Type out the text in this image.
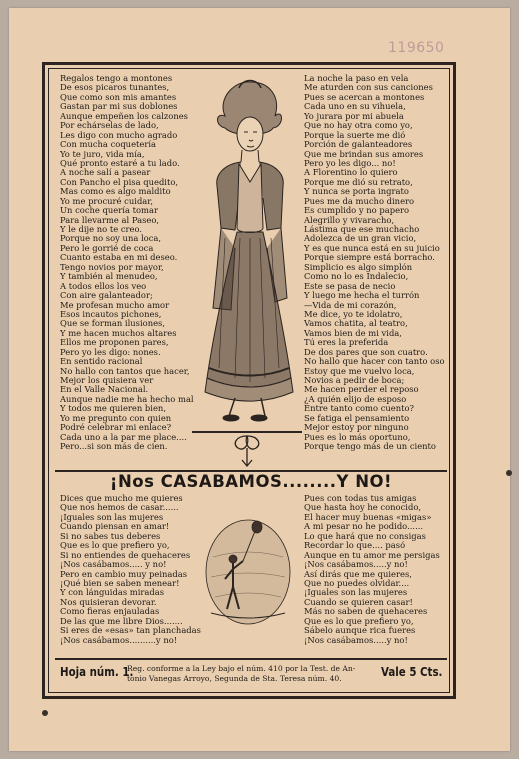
119650
Regalos tengo a montones
De esos picaros tunantes,
Que como son mis amantes
Gastan par mi sus doblones
Aunque empeñen los calzones
Por echárselas de lado,
Les digo con mucho agrado
Con mucha coquetería
Yo te juro, vida mía,
Qué pronto estaré a tu lado.
A noche salí a pasear
Con Pancho el pisa quedito,
Mas como es algo maldito
Yo me procuré cuidar,
Un coche quería tomar
Para llevarme al Paseo,
Y le dije no te creo.
Porque no soy una loca,
Pero le gorrié de coca
Cuanto estaba en mi deseo.
Tengo novios por mayor,
Y también al menudeo,
A todos ellos los veo
Con aire galanteador;
Me profesan mucho amor
Esos incautos pichones,
Que se forman ilusiones,
Y me hacen muchos altares
Ellos me proponen pares,
Pero yo les digo: nones.
En sentido racional
No hallo con tantos que hacer,
Mejor los quisiera ver
En el Valle Nacional.
Aunque nadie me ha hecho mal
Y todos me quieren bien,
Yo me pregunto con quien
Podré celebrar mi enlace?
Cada uno a la par me place....
Pero...si son más de cien.
La noche la paso en vela
Me aturden con sus canciones
Pues se acercan a montones
Cada uno en su vihuela,
Yo jurara por mi abuela
Que no hay otra como yo,
Porque la suerte me dió
Porción de galanteadores
Que me brindan sus amores
Pero yo les digo... no!
A Florentino lo quiero
Porque me dió su retrato,
Y nunca se porta ingrato
Pues me da mucho dinero
Es cumplido y no papero
Alegrillo y vivaracho,
Lástima que ese muchacho
Adolezca de un gran vicio,
Y es que nunca está en su juicio
Porque siempre está borracho.
Simplicio es algo simplón
Como no lo es Indalecio,
Este se pasa de necio
Y luego me hecha el turrón
—Vida de mi corazón,
Me dice, yo te idolatro,
Vamos chatita, al teatro,
Vamos bien de mi vida,
Tú eres la preferida
De dos pares que son cuatro.
No hallo que hacer con tanto oso
Estoy que me vuelvo loca,
Novios a pedir de boca;
Me hacen perder el reposo
¿A quién elijo de esposo
Entre tanto como cuento?
Se fatiga el pensamiento
Mejor estoy por ninguno
Pues es lo más oportuno,
Porque tengo más de un ciento
¡Nos CASABAMOS........Y NO!
Dices que mucho me quieres
Que nos hemos de casar......
¡Iguales son las mujeres
Cuando piensan en amar!
Si no sabes tus deberes
Que es lo que prefiero yo,
Si no entiendes de quehaceres
¡Nos casábamos..... y no!
Pero en cambio muy peinadas
¡Qué bien se saben menear!
Y con lánguidas miradas
Nos quisieran devorar.
Como fieras enjauladas
De las que me libre Dios.......
Si eres de «esas» tan planchadas
¡Nos casábamos..........y no!
Pues con todas tus amigas
Que hasta hoy he conocido,
El hacer muy buenas «migas»
A mi pesar no he podido......
Lo que hará que no consigas
Recordar lo que.... pasó
Aunque en tu amor me persigas
¡Nos casábamos.....y no!
Así dirás que me quieres,
Que no puedes olvidar....
¡Iguales son las mujeres
Cuando se quieren casar!
Más no saben de quehaceres
Que es lo que prefiero yo,
Sábelo aunque rica fueres
¡Nos casábamos.....y no!
Hoja núm. 1.
Reg. conforme a la Ley bajo el núm. 410 por la Test. de An-
tonio Vanegas Arroyo, Segunda de Sta. Teresa núm. 40.	Vale 5 Cts.
